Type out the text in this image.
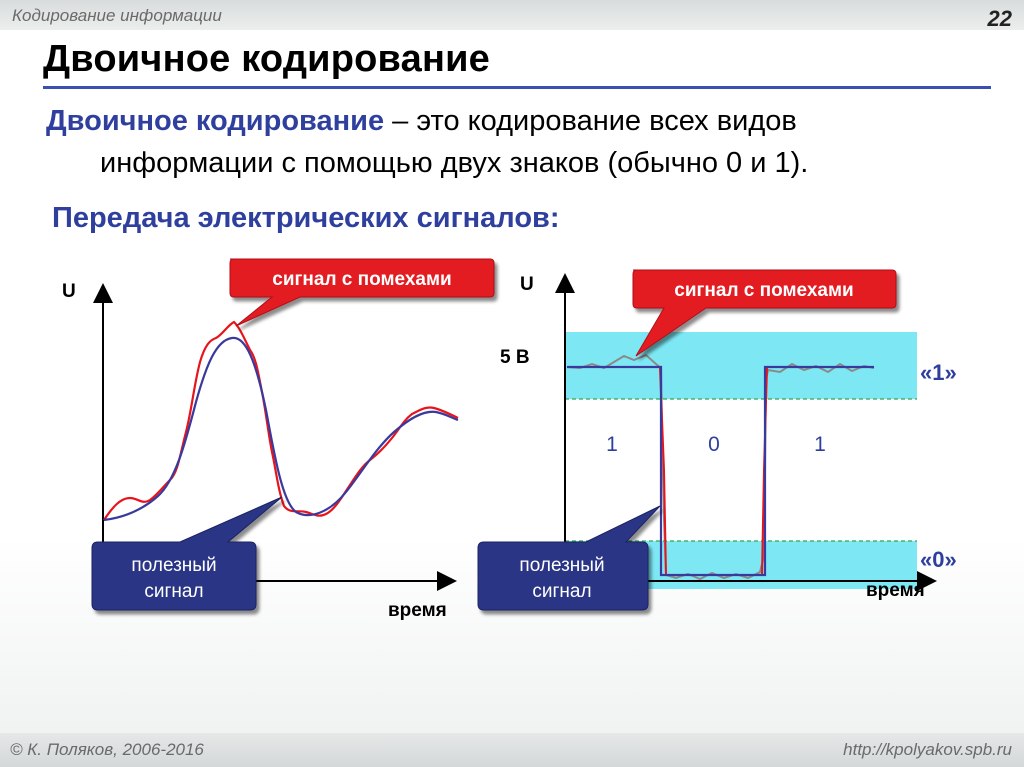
Кодирование информации	22
Двоичное кодирование
Двоичное кодирование – это кодирование всех видов
информации с помощью двух знаков (обычно 0 и 1).
Передача электрических сигналов:
U
время
сигнал с помехами
полезный
сигнал
U
время
5 В
1	0	1
«1»
«0»
сигнал с помехами
полезный
сигнал
© К. Поляков, 2006-2016	http://kpolyakov.spb.ru
